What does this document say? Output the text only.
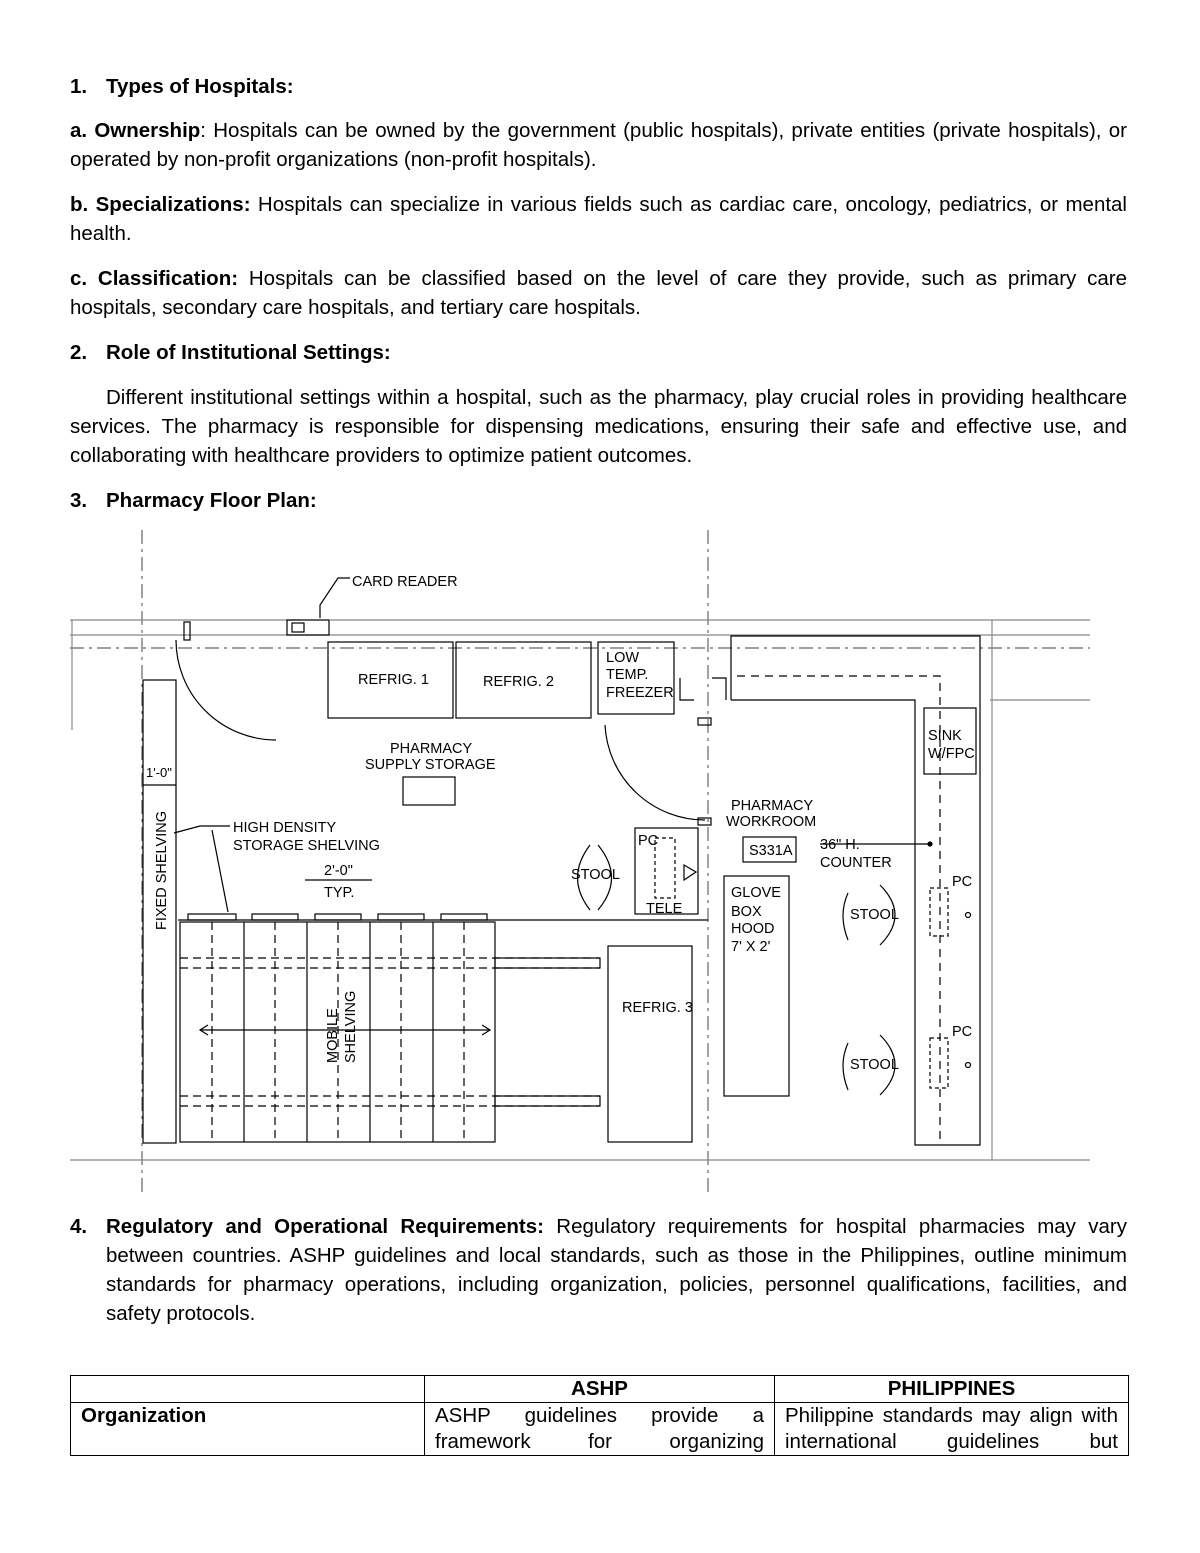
1. Types of Hospitals:

a. Ownership: Hospitals can be owned by the government (public hospitals), private entities (private hospitals), or operated by non-profit organizations (non-profit hospitals).

b. Specializations: Hospitals can specialize in various fields such as cardiac care, oncology, pediatrics, or mental health.

c. Classification: Hospitals can be classified based on the level of care they provide, such as primary care hospitals, secondary care hospitals, and tertiary care hospitals.

2. Role of Institutional Settings:

Different institutional settings within a hospital, such as the pharmacy, play crucial roles in providing healthcare services. The pharmacy is responsible for dispensing medications, ensuring their safe and effective use, and collaborating with healthcare providers to optimize patient outcomes.

3. Pharmacy Floor Plan:
CARD READER
REFRIG. 1	REFRIG. 2
LOW
TEMP.
FREEZER
PHARMACY
SUPPLY STORAGE
1'-0"
FIXED SHELVING	HIGH DENSITY
STORAGE SHELVING
2'-0"
TYP.
MOBILE SHELVING
STOOL
PC
TELE
REFRIG. 3
PHARMACY
WORKROOM
S331A
GLOVE
BOX
HOOD
7' X 2'
36" H.
COUNTER
SINK
W/FPC
STOOL
STOOL
PC
PC
4. Regulatory and Operational Requirements: Regulatory requirements for hospital pharmacies may vary between countries. ASHP guidelines and local standards, such as those in the Philippines, outline minimum standards for pharmacy operations, including organization, policies, personnel qualifications, facilities, and safety protocols.

	ASHP	PHILIPPINES
Organization	ASHP guidelines provide a framework for organizing	Philippine standards may align with international guidelines but
